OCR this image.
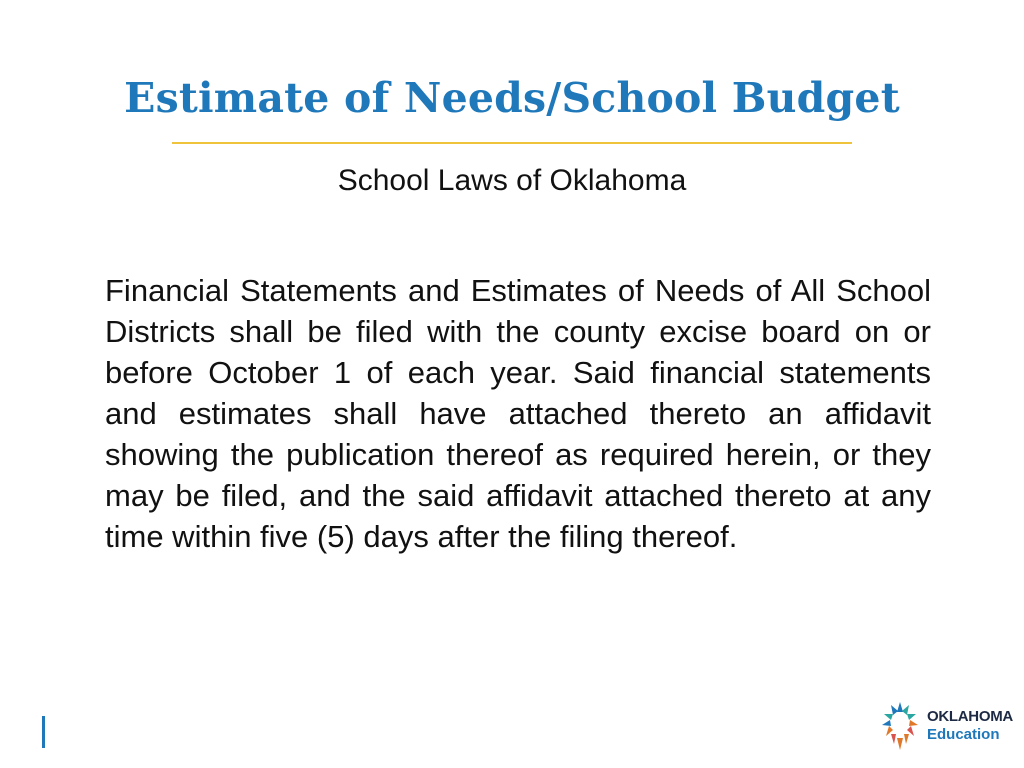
Estimate of Needs/School Budget
School Laws of Oklahoma

Financial Statements and Estimates of Needs of All School Districts shall be filed with the county excise board on or before October 1 of each year. Said financial statements and estimates shall have attached thereto an affidavit showing the publication thereof as required herein, or they may be filed, and the said affidavit attached thereto at any time within five (5) days after the filing thereof.

OKLAHOMA
Education
